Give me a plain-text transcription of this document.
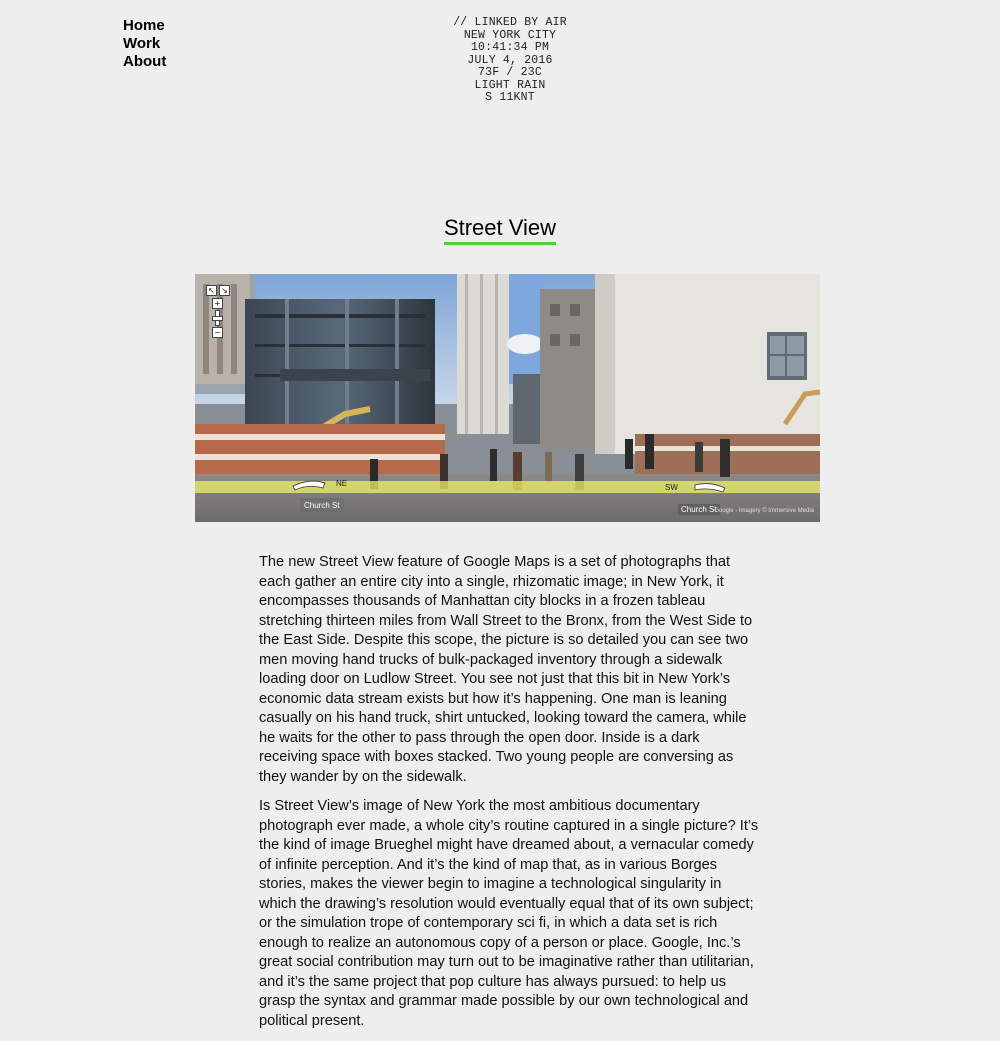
Home
Work
About
// LINKED BY AIR
NEW YORK CITY
10:41:34 PM
JULY 4, 2016
73F / 23C
LIGHT RAIN
S 11KNT
Street View
↖ ↘
+
−
NE	SW
Church St	Church St
Google - Imagery © Immersive Media

The new Street View feature of Google Maps is a set of photographs that each gather an entire city into a single, rhizomatic image; in New York, it encompasses thousands of Manhattan city blocks in a frozen tableau stretching thirteen miles from Wall Street to the Bronx, from the West Side to the East Side. Despite this scope, the picture is so detailed you can see two men moving hand trucks of bulk-packaged inventory through a sidewalk loading door on Ludlow Street. You see not just that this bit in New York’s economic data stream exists but how it’s happening. One man is leaning casually on his hand truck, shirt untucked, looking toward the camera, while he waits for the other to pass through the open door. Inside is a dark receiving space with boxes stacked. Two young people are conversing as they wander by on the sidewalk.

Is Street View’s image of New York the most ambitious documentary photograph ever made, a whole city’s routine captured in a single picture? It’s the kind of image Brueghel might have dreamed about, a vernacular comedy of infinite perception. And it’s the kind of map that, as in various Borges stories, makes the viewer begin to imagine a technological singularity in which the drawing’s resolution would eventually equal that of its own subject; or the simulation trope of contemporary sci fi, in which a data set is rich enough to realize an autonomous copy of a person or place. Google, Inc.’s great social contribution may turn out to be imaginative rather than utilitarian, and it’s the same project that pop culture has always pursued: to help us grasp the syntax and grammar made possible by our own technological and political present.
